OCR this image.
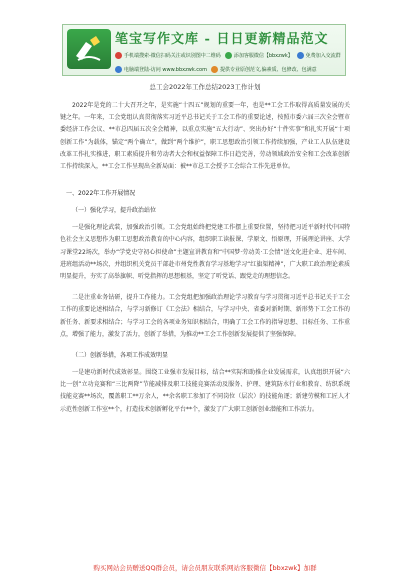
笔宝写作文库 - 日日更新精品范文
手机端搜索-微信扫码关注或识别图中二维码	添加客服微信【bbxzwk】	免费加入交流群
电脑端登陆-访问 www.bbxzwk.com	提供专业原创范文,偏素质、包修改、包满意
总工会2022年工作总结2023工作计划

2022年是党的二十大召开之年，是实施“十四五”规划的重要一年，也是**工会工作取得高质量发展的关键之年。一年来，工会党组认真贯彻落实习近平总书记关于工会工作的重要论述，按照市委六届三次全会暨市委经济工作会议、**市总四届五次全会精神，以重点实施“五大行动”、突出办好“十件实事”和扎实开展“十项创新工作”为载体，锚定“两个确立”，做到“两个维护”，职工思想政治引领工作持续加强，产业工人队伍建设改革工作扎实推进，职工素质提升和劳动者大会和权益保障工作日趋完善，劳动领域政治安全和工会改革创新工作持续深入，**工会工作呈现出全新局面：被**市总工会授予工会综合工作先进单位。

一、2022年工作开展情况
（一）强化学习，提升政治站位

一是强化理论武装，加强政治引领。工会党组始终把党建工作摆上重要位置，坚持把习近平新时代中国特色社会主义思想作为职工思想政治教育的中心内容，组织职工读报课、学原文、悟原理，开展理论讲座、大学习课堂22场次，举办“学党史守初心担使命”主题宣讲教育和“中国梦·劳动美·工会情”送文化进企业、进车间、进班组活动**场次，并组织机关党员干部赴市州党性教育学习基地学习“红旗渠精神”，广大职工政治理论素质明显提升，夯实了高举旗帜、听党指挥的思想根基，坚定了听党话、跟党走的理想信念。

二是注重业务钻研，提升工作能力。工会党组把加强政治理论学习教育与学习贯彻习近平总书记关于工会工作的重要论述相结合，与学习新修订《工会法》相结合，与学习中央、省委对新时期、新形势下工会工作的新任务、新要求相结合；与学习工会的各项业务知识相结合，明确了工会工作的指导思想、目标任务、工作重点，增强了能力，激发了活力，创新了举措，为推动**工会工作创新发展提供了坚强保障。

（二）创新举措，各项工作成效明显

一是建功新时代成效彰显。围绕工业强市发展目标，结合**实际和助推企业发展需求，认真组织开展“六比一创”立功竞赛和“三比两降”节能减排及职工技能竞赛活动及服务、护理、建筑防水行业和教育、纺织系统技能竞赛**场次，覆盖职工**万余人，**余名职工参加了不同岗位（层次）的技能角逐；新建劳模和工匠人才示范性创新工作室**个，打造技术创新孵化平台**个，激发了广大职工创新创业潜能和工作活力。

购买网站会员赠送QQ群会员，请会员朋友联系网站客服微信【bbxzwk】加群
